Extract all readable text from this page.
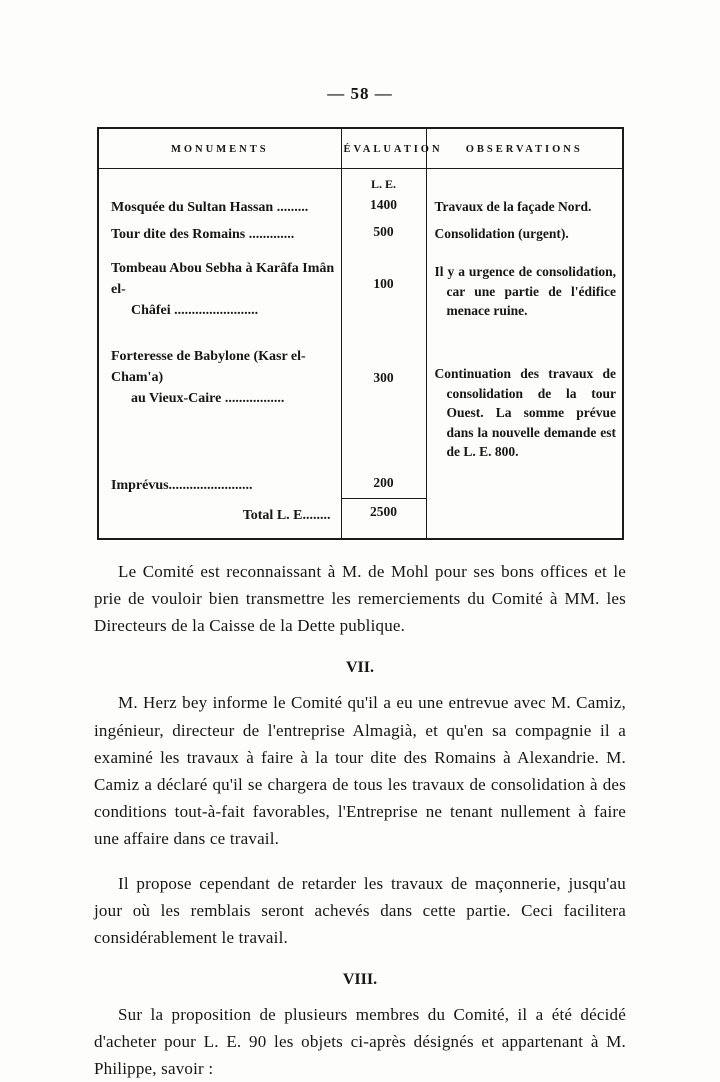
— 58 —
MONUMENTS	ÉVALUATION	OBSERVATIONS
	L. E.	
Mosquée du Sultan Hassan .........	1400	Travaux de la façade Nord.
Tour dite des Romains .............	500	Consolidation (urgent).

Tombeau Abou Sebha à Karâfa Imân el-
Châfei ........................	100	Il y a urgence de consolidation, car une partie de l'édifice menace ruine.

Forteresse de Babylone (Kasr el-Cham'a)
au Vieux-Caire .................	300	Continuation des travaux de consolidation de la tour Ouest. La somme prévue dans la nouvelle demande est de L. E. 800.
Imprévus........................	200	
Total L. E........	2500	

Le Comité est reconnaissant à M. de Mohl pour ses bons offices et le prie de vouloir bien transmettre les remerciements du Comité à MM. les Directeurs de la Caisse de la Dette publique.

VII.

M. Herz bey informe le Comité qu'il a eu une entrevue avec M. Camiz, ingénieur, directeur de l'entreprise Almagià, et qu'en sa compagnie il a examiné les travaux à faire à la tour dite des Romains à Alexandrie. M. Camiz a déclaré qu'il se chargera de tous les travaux de consolidation à des conditions tout-à-fait favorables, l'Entreprise ne tenant nullement à faire une affaire dans ce travail.

Il propose cependant de retarder les travaux de maçonnerie, jusqu'au jour où les remblais seront achevés dans cette partie. Ceci facilitera considérablement le travail.

VIII.

Sur la proposition de plusieurs membres du Comité, il a été décidé d'acheter pour L. E. 90 les objets ci-après désignés et appartenant à M. Philippe, savoir :
